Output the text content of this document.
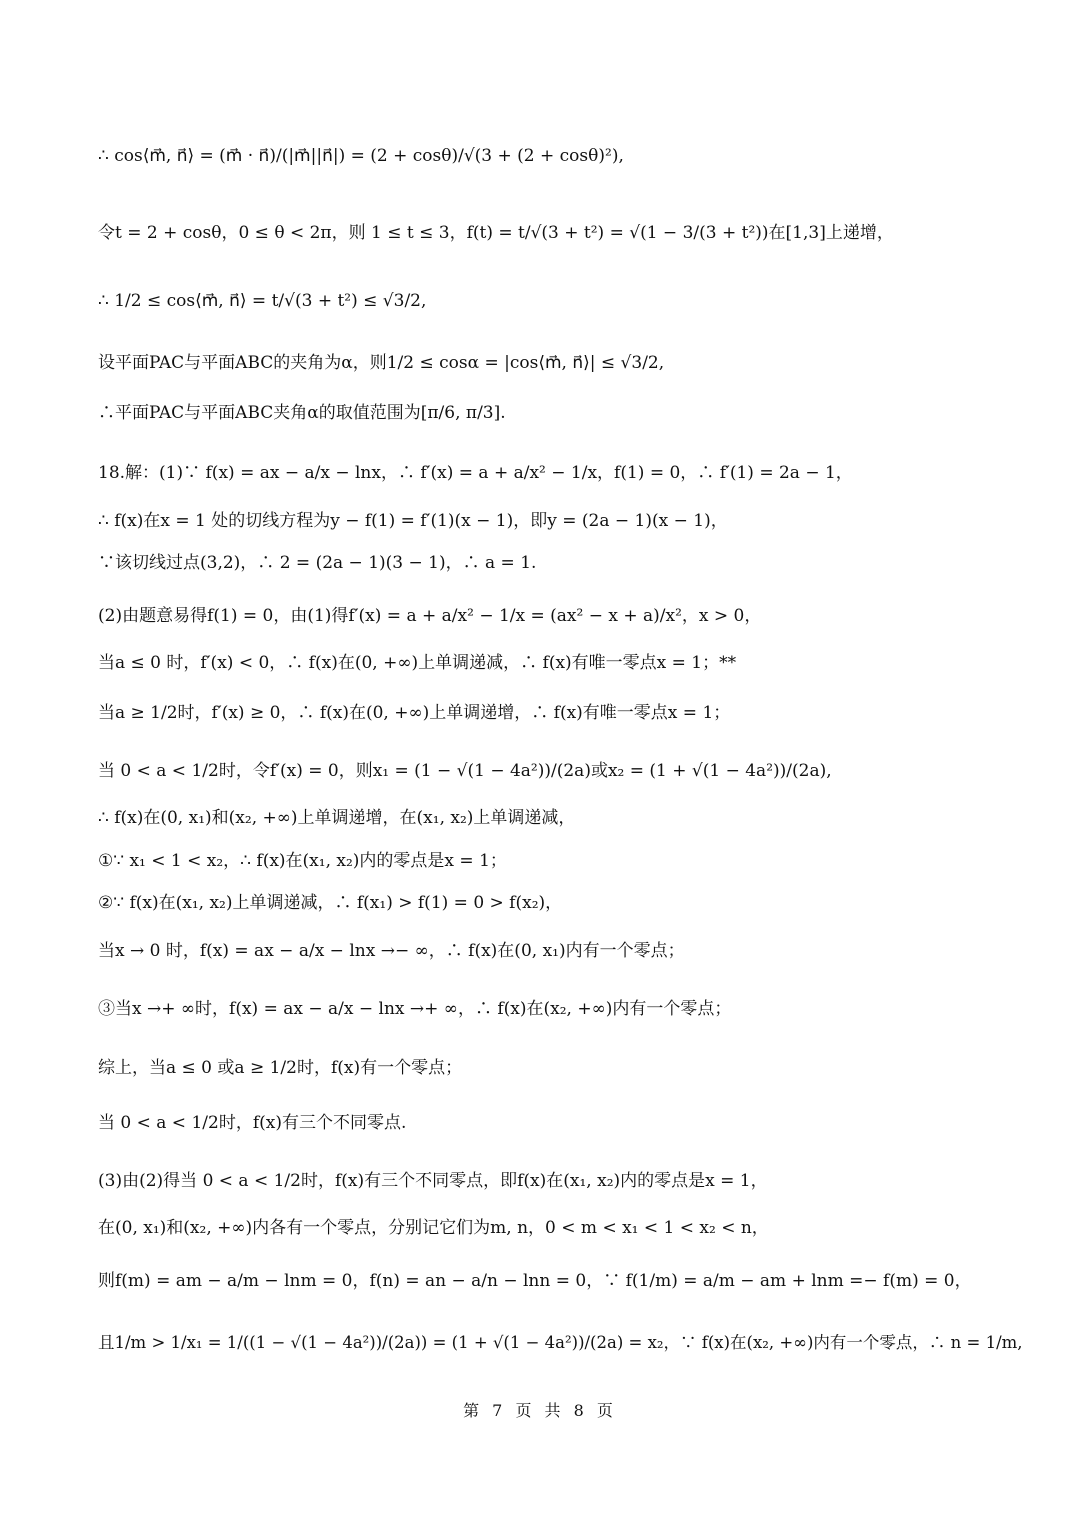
∴ cos⟨m⃗, n⃗⟩ = (m⃗ · n⃗)/(|m⃗||n⃗|) = (2 + cosθ)/√(3 + (2 + cosθ)²),
令t = 2 + cosθ，0 ≤ θ < 2π，则 1 ≤ t ≤ 3，f(t) = t/√(3 + t²) = √(1 − 3/(3 + t²))在[1,3]上递增，
∴ 1/2 ≤ cos⟨m⃗, n⃗⟩ = t/√(3 + t²) ≤ √3/2,
设平面PAC与平面ABC的夹角为α，则1/2 ≤ cosα = |cos⟨m⃗, n⃗⟩| ≤ √3/2,
∴平面PAC与平面ABC夹角α的取值范围为[π/6, π/3].
18.解：(1)∵ f(x) = ax − a/x − lnx，∴ f′(x) = a + a/x² − 1/x，f(1) = 0，∴ f′(1) = 2a − 1，
∴ f(x)在x = 1 处的切线方程为y − f(1) = f′(1)(x − 1)，即y = (2a − 1)(x − 1)，
∵该切线过点(3,2)，∴ 2 = (2a − 1)(3 − 1)，∴ a = 1.
(2)由题意易得f(1) = 0，由(1)得f′(x) = a + a/x² − 1/x = (ax² − x + a)/x²，x > 0，
当a ≤ 0 时，f′(x) < 0，∴ f(x)在(0, +∞)上单调递减，∴ f(x)有唯一零点x = 1；**
当a ≥ 1/2时，f′(x) ≥ 0，∴ f(x)在(0, +∞)上单调递增，∴ f(x)有唯一零点x = 1；
当 0 < a < 1/2时，令f′(x) = 0，则x₁ = (1 − √(1 − 4a²))/(2a)或x₂ = (1 + √(1 − 4a²))/(2a),
∴ f(x)在(0, x₁)和(x₂, +∞)上单调递增，在(x₁, x₂)上单调递减，
①∵ x₁ < 1 < x₂，∴ f(x)在(x₁, x₂)内的零点是x = 1；
②∵ f(x)在(x₁, x₂)上单调递减，∴ f(x₁) > f(1) = 0 > f(x₂)，
当x → 0 时，f(x) = ax − a/x − lnx →− ∞，∴ f(x)在(0, x₁)内有一个零点；
③当x →+ ∞时，f(x) = ax − a/x − lnx →+ ∞，∴ f(x)在(x₂, +∞)内有一个零点；
综上，当a ≤ 0 或a ≥ 1/2时，f(x)有一个零点；
当 0 < a < 1/2时，f(x)有三个不同零点.
(3)由(2)得当 0 < a < 1/2时，f(x)有三个不同零点，即f(x)在(x₁, x₂)内的零点是x = 1，
在(0, x₁)和(x₂, +∞)内各有一个零点，分别记它们为m, n，0 < m < x₁ < 1 < x₂ < n，
则f(m) = am − a/m − lnm = 0，f(n) = an − a/n − lnn = 0，∵ f(1/m) = a/m − am + lnm =− f(m) = 0，
且1/m > 1/x₁ = 1/((1 − √(1 − 4a²))/(2a)) = (1 + √(1 − 4a²))/(2a) = x₂，∵ f(x)在(x₂, +∞)内有一个零点，∴ n = 1/m,
第 7 页 共 8 页
